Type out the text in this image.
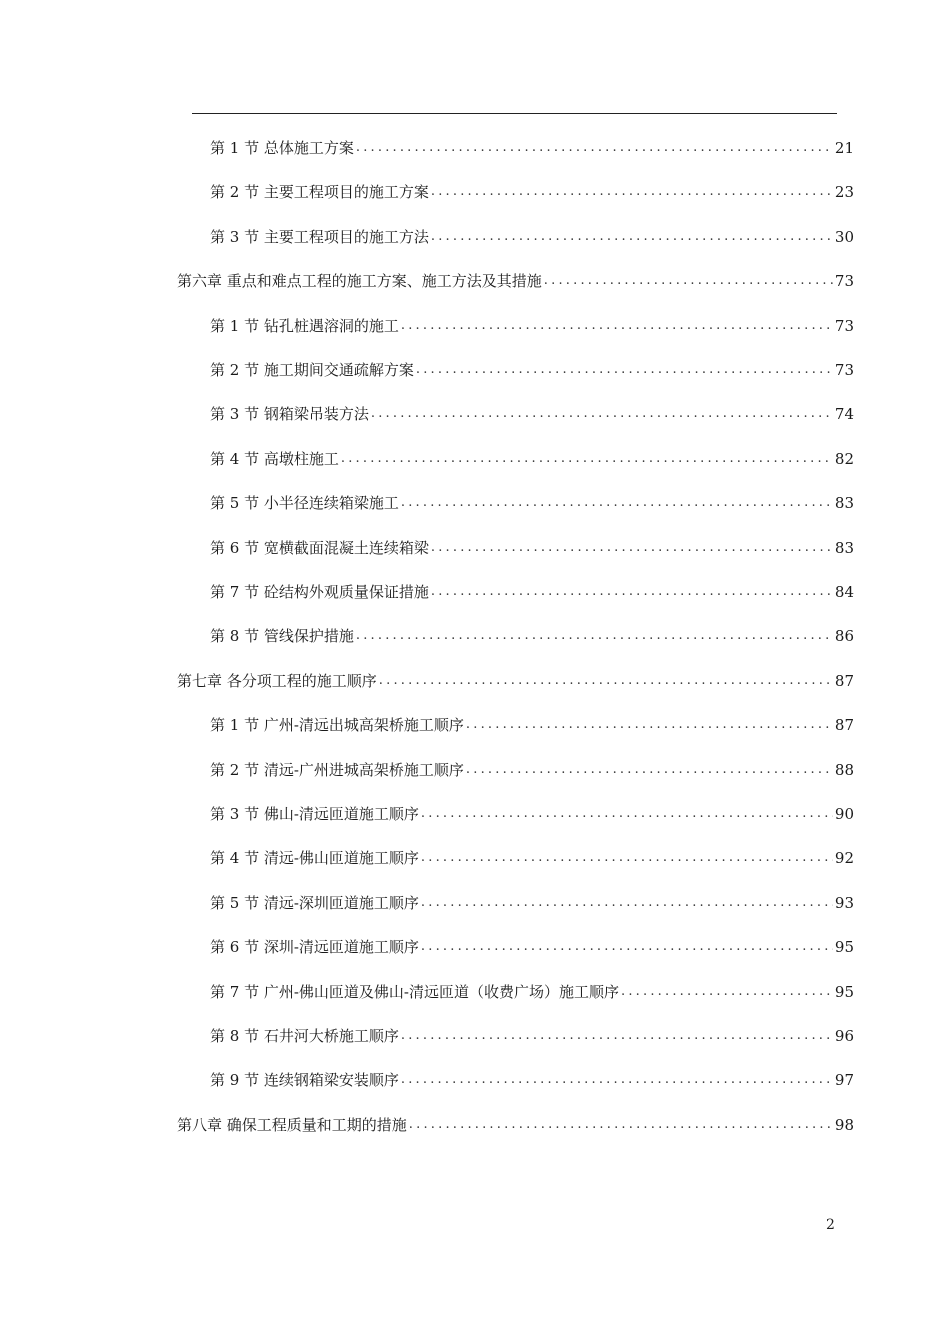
第 1 节 总体施工方案 .....	21
第 2 节 主要工程项目的施工方案 .....	23
第 3 节 主要工程项目的施工方法 .....	30
第六章 重点和难点工程的施工方案、施工方法及其措施 .....	73
第 1 节 钻孔桩遇溶洞的施工 .....	73
第 2 节 施工期间交通疏解方案 .....	73
第 3 节 钢箱梁吊装方法 .....	74
第 4 节 高墩柱施工 .....	82
第 5 节 小半径连续箱梁施工 .....	83
第 6 节 宽横截面混凝土连续箱梁 .....	83
第 7 节 砼结构外观质量保证措施 .....	84
第 8 节 管线保护措施 .....	86
第七章 各分项工程的施工顺序 .....	87
第 1 节 广州-清远出城高架桥施工顺序 .....	87
第 2 节 清远-广州进城高架桥施工顺序 .....	88
第 3 节 佛山-清远匝道施工顺序 .....	90
第 4 节 清远-佛山匝道施工顺序 .....	92
第 5 节 清远-深圳匝道施工顺序 .....	93
第 6 节 深圳-清远匝道施工顺序 .....	95
第 7 节 广州-佛山匝道及佛山-清远匝道（收费广场）施工顺序 .....	95
第 8 节 石井河大桥施工顺序 .....	96
第 9 节 连续钢箱梁安装顺序 .....	97
第八章 确保工程质量和工期的措施 .....	98
2
